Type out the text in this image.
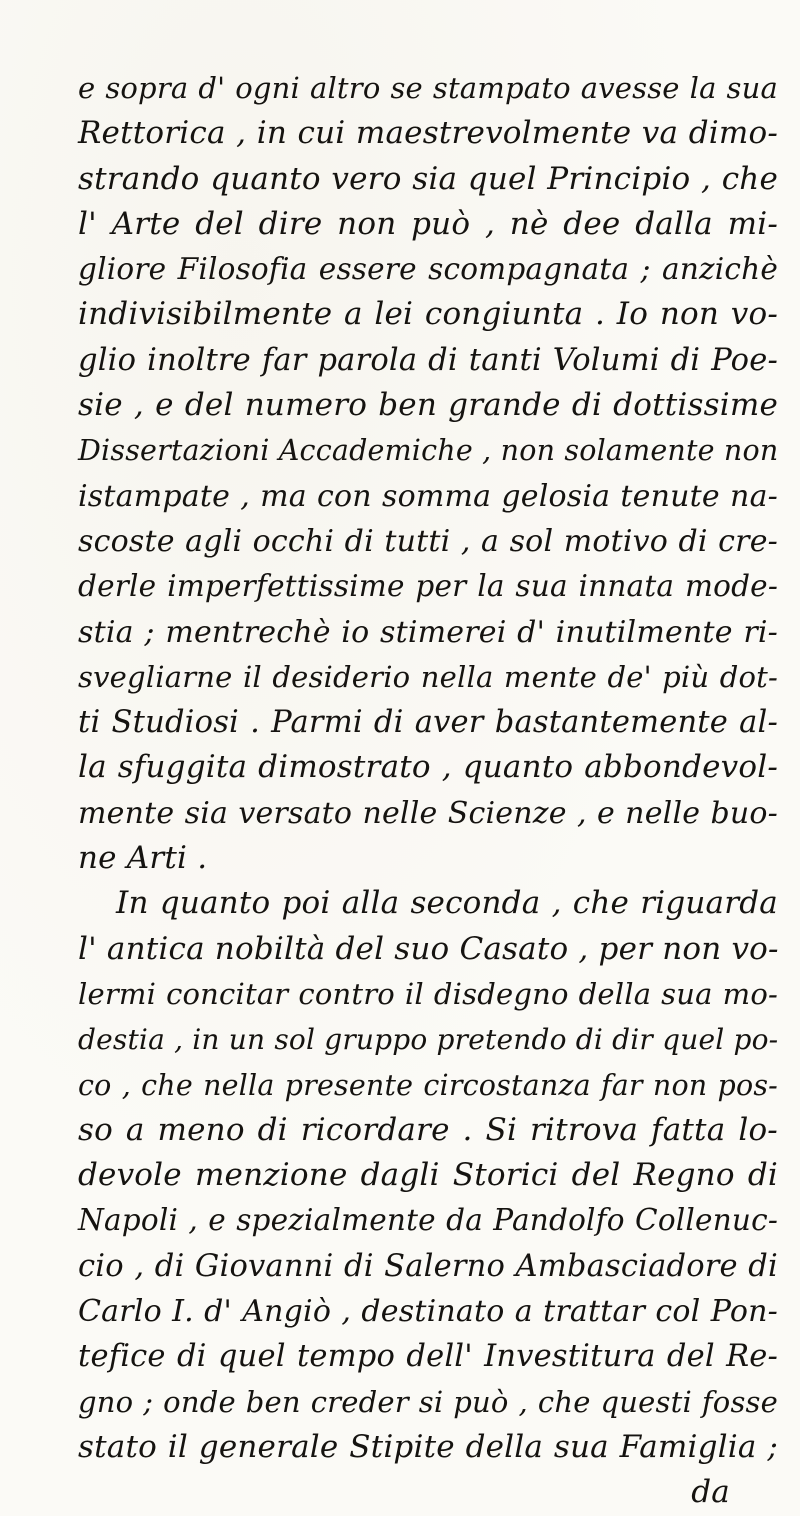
e sopra d' ogni altro se stampato avesse la sua
Rettorica , in cui maestrevolmente va dimo-
strando quanto vero sia quel Principio , che
l' Arte del dire non può , nè dee dalla mi-
gliore Filosofia essere scompagnata ; anzichè
indivisibilmente a lei congiunta . Io non vo-
glio inoltre far parola di tanti Volumi di Poe-
sie , e del numero ben grande di dottissime
Dissertazioni Accademiche , non solamente non
istampate , ma con somma gelosia tenute na-
scoste agli occhi di tutti , a sol motivo di cre-
derle imperfettissime per la sua innata mode-
stia ; mentrechè io stimerei d' inutilmente ri-
svegliarne il desiderio nella mente de' più dot-
ti Studiosi . Parmi di aver bastantemente al-
la sfuggita dimostrato , quanto abbondevol-
mente sia versato nelle Scienze , e nelle buo-
ne Arti .
In quanto poi alla seconda , che riguarda
l' antica nobiltà del suo Casato , per non vo-
lermi concitar contro il disdegno della sua mo-
destia , in un sol gruppo pretendo di dir quel po-
co , che nella presente circostanza far non pos-
so a meno di ricordare . Si ritrova fatta lo-
devole menzione dagli Storici del Regno di
Napoli , e spezialmente da Pandolfo Collenuc-
cio , di Giovanni di Salerno Ambasciadore di
Carlo I. d' Angiò , destinato a trattar col Pon-
tefice di quel tempo dell' Investitura del Re-
gno ; onde ben creder si può , che questi fosse
stato il generale Stipite della sua Famiglia ;
da
